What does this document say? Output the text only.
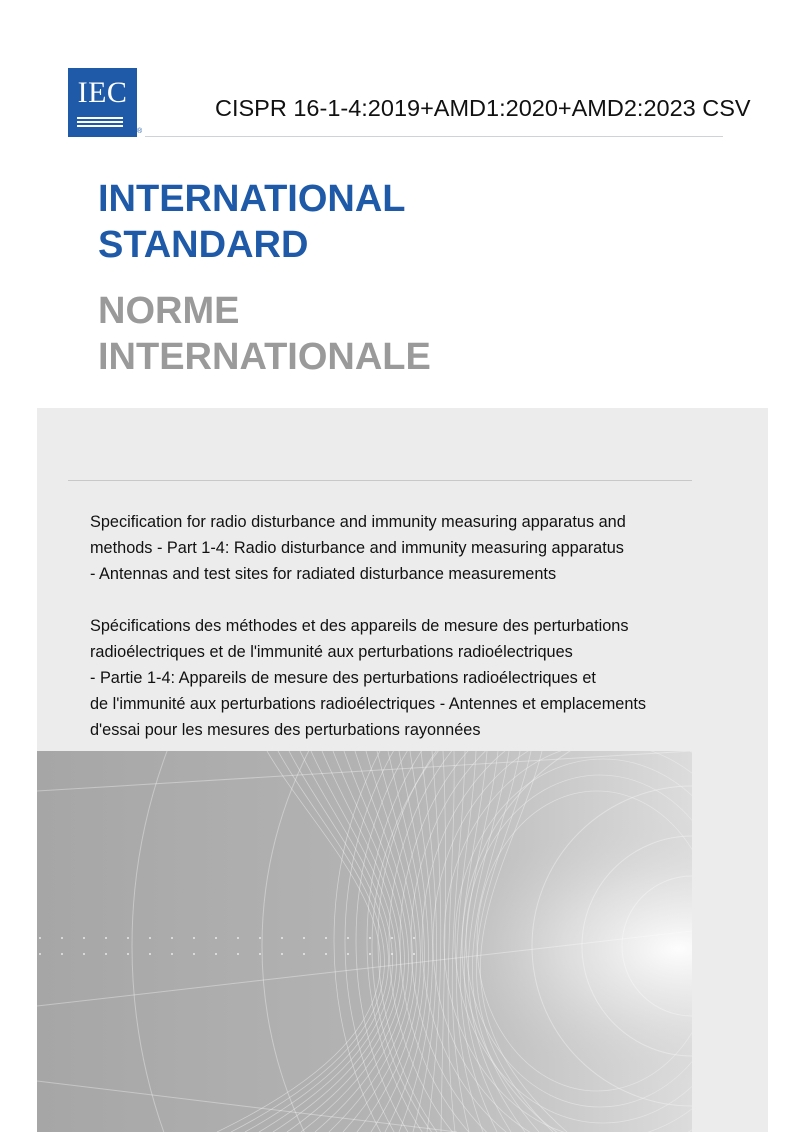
IEC
®
CISPR 16-1-4:2019+AMD1:2020+AMD2:2023 CSV
INTERNATIONAL
STANDARD
NORME
INTERNATIONALE

Specification for radio disturbance and immunity measuring apparatus and
methods - Part 1-4: Radio disturbance and immunity measuring apparatus
- Antennas and test sites for radiated disturbance measurements

Spécifications des méthodes et des appareils de mesure des perturbations
radioélectriques et de l'immunité aux perturbations radioélectriques
- Partie 1-4: Appareils de mesure des perturbations radioélectriques et
de l'immunité aux perturbations radioélectriques - Antennes et emplacements
d'essai pour les mesures des perturbations rayonnées
